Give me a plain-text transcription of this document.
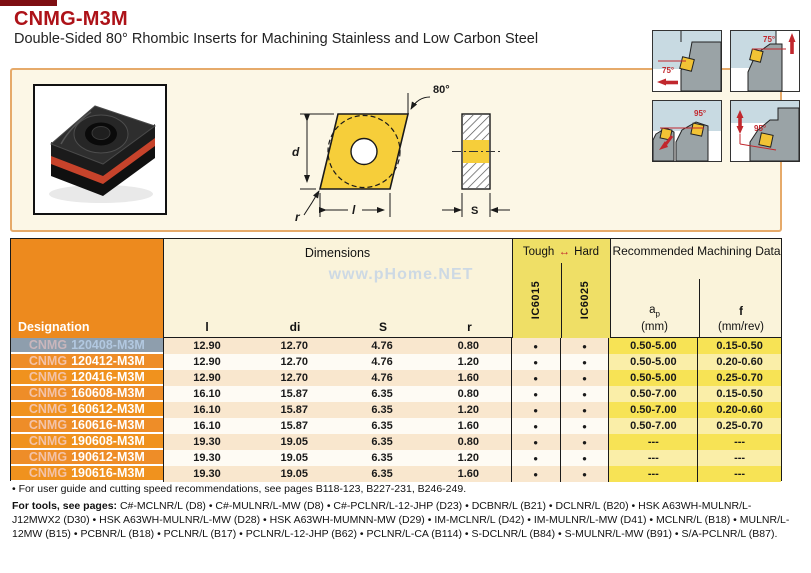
CNMG-M3M
Double-Sided 80° Rhombic Inserts for Machining Stainless and Low Carbon Steel
75°
75°
95°
95°
80°
d
l
r	S
Designation
Dimensions
www.pHome.NET
l	di	S	r
Tough ↔ Hard
IC6015	IC6025
Recommended Machining Data
$a_p$
(mm)
f
(mm/rev)
CNMG 120408-M3M	12.90	12.70	4.76	0.80	●	●	0.50-5.00	0.15-0.50
CNMG 120412-M3M	12.90	12.70	4.76	1.20	●	●	0.50-5.00	0.20-0.60
CNMG 120416-M3M	12.90	12.70	4.76	1.60	●	●	0.50-5.00	0.25-0.70
CNMG 160608-M3M	16.10	15.87	6.35	0.80	●	●	0.50-7.00	0.15-0.50
CNMG 160612-M3M	16.10	15.87	6.35	1.20	●	●	0.50-7.00	0.20-0.60
CNMG 160616-M3M	16.10	15.87	6.35	1.60	●	●	0.50-7.00	0.25-0.70
CNMG 190608-M3M	19.30	19.05	6.35	0.80	●	●	---	---
CNMG 190612-M3M	19.30	19.05	6.35	1.20	●	●	---	---
CNMG 190616-M3M	19.30	19.05	6.35	1.60	●	●	---	---
• For user guide and cutting speed recommendations, see pages B118-123, B227-231, B246-249.
For tools, see pages: C#-MCLNR/L (D8) • C#-MULNR/L-MW (D8) • C#-PCLNR/L-12-JHP (D23) • DCBNR/L (B21) • DCLNR/L (B20) • HSK A63WH-MULNR/L-J12MWX2 (D30) • HSK A63WH-MULNR/L-MW (D28) • HSK A63WH-MUMNN-MW (D29) • IM-MCLNR/L (D42) • IM-MULNR/L-MW (D41) • MCLNR/L (B18) • MULNR/L-12MW (B15) • PCBNR/L (B18) • PCLNR/L (B17) • PCLNR/L-12-JHP (B62) • PCLNR/L-CA (B114) • S-DCLNR/L (B84) • S-MULNR/L-MW (B91) • S/A-PCLNR/L (B87).
